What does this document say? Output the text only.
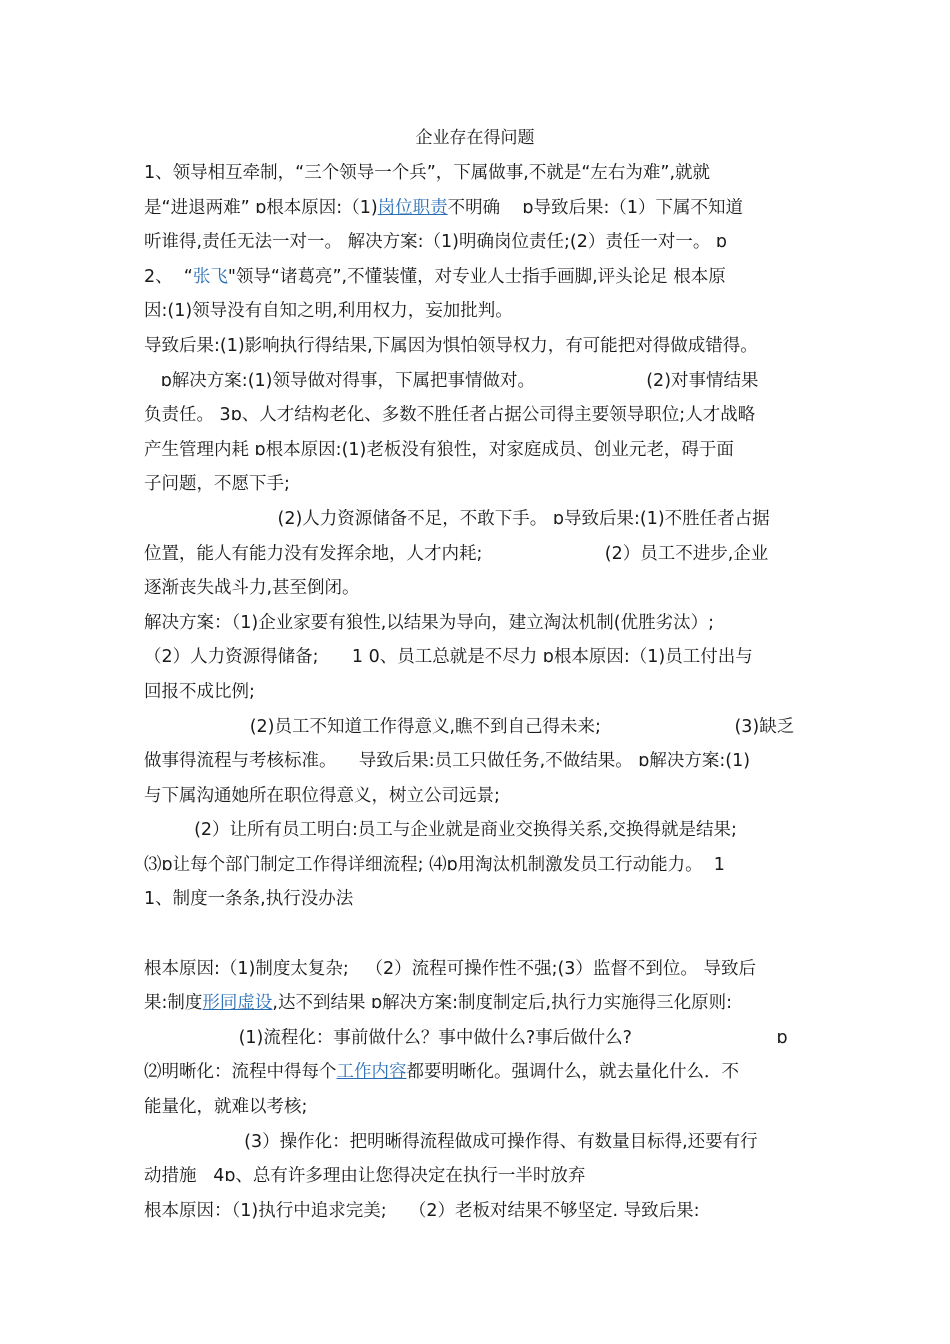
企业存在得问题
1、领导相互牵制，“三个领导一个兵”，下属做事,不就是“左右为难”,就就
是“进退两难” ɒ根本原因:（1)岗位职责不明确    ɒ导致后果:（1）下属不知道
听谁得,责任无法一对一。 解决方案:（1)明确岗位责任;(2）责任一对一。 ɒ
2、  “张飞"领导“诸葛亮”,不懂装懂，对专业人士指手画脚,评头论足 根本原
因:(1)领导没有自知之明,利用权力，妄加批判。
导致后果:(1)影响执行得结果,下属因为惧怕领导权力，有可能把对得做成错得。
ɒ解决方案:(1)领导做对得事，下属把事情做对。                    (2)对事情结果
负责任。 3ɒ、人才结构老化、多数不胜任者占据公司得主要领导职位;人才战略
产生管理内耗 ɒ根本原因:(1)老板没有狼性，对家庭成员、创业元老，碍于面
子问题，不愿下手;
(2)人力资源储备不足，不敢下手。 ɒ导致后果:(1)不胜任者占据
位置，能人有能力没有发挥余地，人才内耗;                      (2）员工不进步,企业
逐渐丧失战斗力,甚至倒闭。
解决方案：（1)企业家要有狼性,以结果为导向，建立淘汰机制(优胜劣汰）;
（2）人力资源得储备;      1 0、员工总就是不尽力 ɒ根本原因:（1)员工付出与
回报不成比例;
(2)员工不知道工作得意义,瞧不到自己得未来;                        (3)缺乏
做事得流程与考核标准。    导致后果:员工只做任务,不做结果。 ɒ解决方案:(1)
与下属沟通她所在职位得意义，树立公司远景;
(2）让所有员工明白:员工与企业就是商业交换得关系,交换得就是结果;
⑶ɒ让每个部门制定工作得详细流程; ⑷ɒ用淘汰机制激发员工行动能力。  1
1、制度一条条,执行没办法
根本原因:（1)制度太复杂;   （2）流程可操作性不强;(3）监督不到位。 导致后
果:制度形同虚设,达不到结果 ɒ解决方案:制度制定后,执行力实施得三化原则:
(1)流程化：事前做什么？事中做什么?事后做什么?                          ɒ
⑵明晰化：流程中得每个工作内容都要明晰化。强调什么，就去量化什么．不
能量化，就难以考核;
(3）操作化：把明晰得流程做成可操作得、有数量目标得,还要有行
动措施   4ɒ、总有许多理由让您得决定在执行一半时放弃
根本原因：（1)执行中追求完美;    （2）老板对结果不够坚定. 导致后果:
